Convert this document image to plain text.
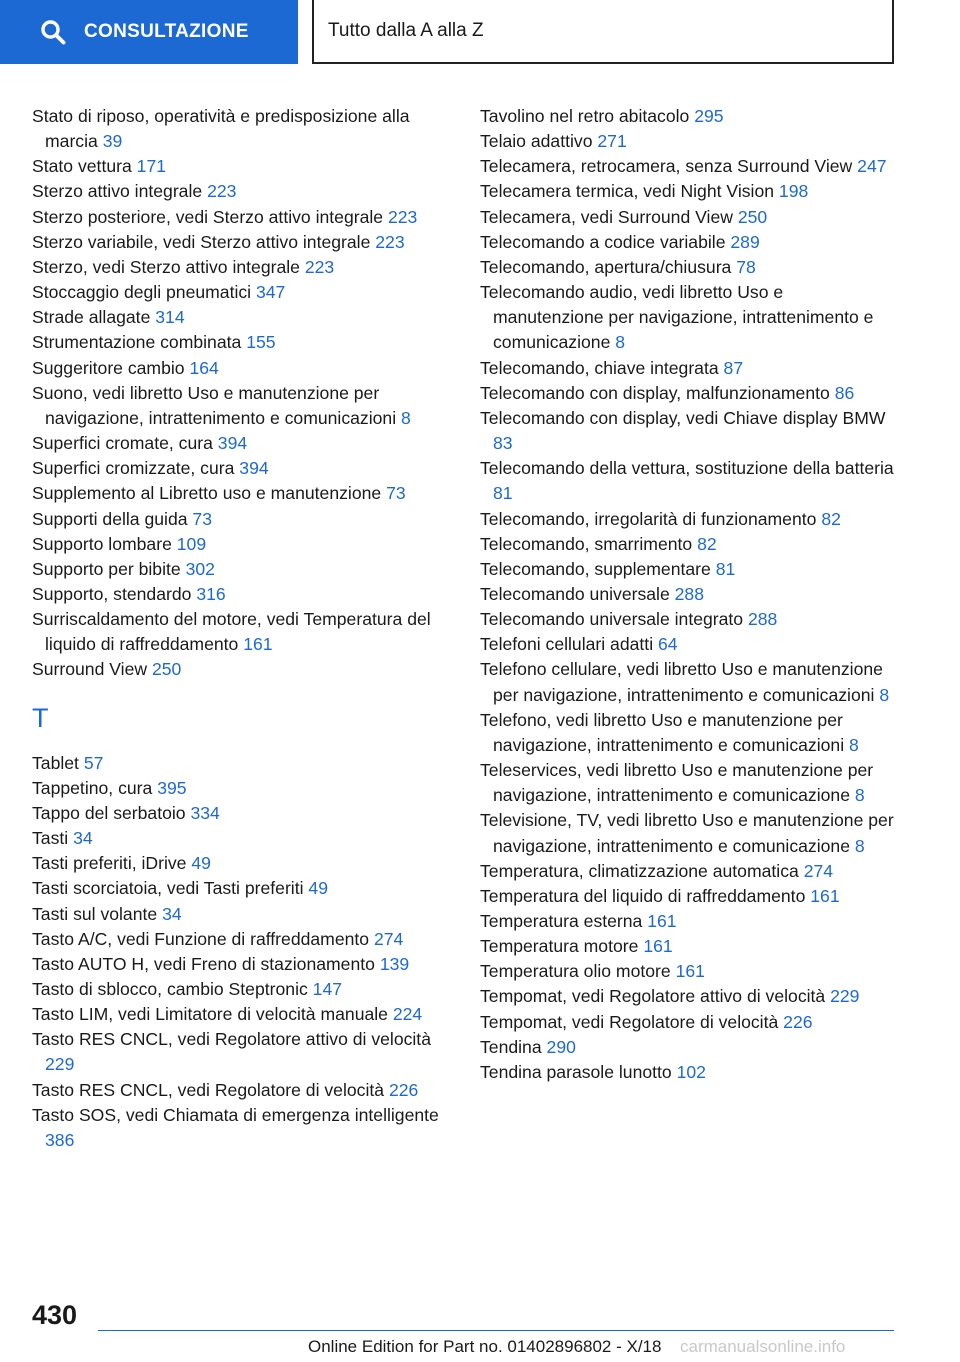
CONSULTAZIONE	Tutto dalla A alla Z
Stato di riposo, operatività e predisposizione alla marcia 39
Stato vettura 171
Sterzo attivo integrale 223
Sterzo posteriore, vedi Sterzo attivo integrale 223
Sterzo variabile, vedi Sterzo attivo integrale 223
Sterzo, vedi Sterzo attivo integrale 223
Stoccaggio degli pneumatici 347
Strade allagate 314
Strumentazione combinata 155
Suggeritore cambio 164
Suono, vedi libretto Uso e manutenzione per navigazione, intrattenimento e comunicazioni 8
Superfici cromate, cura 394
Superfici cromizzate, cura 394
Supplemento al Libretto uso e manutenzione 73
Supporti della guida 73
Supporto lombare 109
Supporto per bibite 302
Supporto, stendardo 316
Surriscaldamento del motore, vedi Temperatura del liquido di raffreddamento 161
Surround View 250
T
Tablet 57
Tappetino, cura 395
Tappo del serbatoio 334
Tasti 34
Tasti preferiti, iDrive 49
Tasti scorciatoia, vedi Tasti preferiti 49
Tasti sul volante 34
Tasto A/C, vedi Funzione di raffreddamento 274
Tasto AUTO H, vedi Freno di stazionamento 139
Tasto di sblocco, cambio Steptronic 147
Tasto LIM, vedi Limitatore di velocità manuale 224
Tasto RES CNCL, vedi Regolatore attivo di velocità 229
Tasto RES CNCL, vedi Regolatore di velocità 226
Tasto SOS, vedi Chiamata di emergenza intelligente 386
Tavolino nel retro abitacolo 295
Telaio adattivo 271
Telecamera, retrocamera, senza Surround View 247
Telecamera termica, vedi Night Vision 198
Telecamera, vedi Surround View 250
Telecomando a codice variabile 289
Telecomando, apertura/chiusura 78
Telecomando audio, vedi libretto Uso e manutenzione per navigazione, intrattenimento e comunicazione 8
Telecomando, chiave integrata 87
Telecomando con display, malfunzionamento 86
Telecomando con display, vedi Chiave display BMW 83
Telecomando della vettura, sostituzione della batteria 81
Telecomando, irregolarità di funzionamento 82
Telecomando, smarrimento 82
Telecomando, supplementare 81
Telecomando universale 288
Telecomando universale integrato 288
Telefoni cellulari adatti 64
Telefono cellulare, vedi libretto Uso e manutenzione per navigazione, intrattenimento e comunicazioni 8
Telefono, vedi libretto Uso e manutenzione per navigazione, intrattenimento e comunicazioni 8
Teleservices, vedi libretto Uso e manutenzione per navigazione, intrattenimento e comunicazione 8
Televisione, TV, vedi libretto Uso e manutenzione per navigazione, intrattenimento e comunicazione 8
Temperatura, climatizzazione automatica 274
Temperatura del liquido di raffreddamento 161
Temperatura esterna 161
Temperatura motore 161
Temperatura olio motore 161
Tempomat, vedi Regolatore attivo di velocità 229
Tempomat, vedi Regolatore di velocità 226
Tendina 290
Tendina parasole lunotto 102
430
Online Edition for Part no. 01402896802 - X/18 carmanualsonline.info
